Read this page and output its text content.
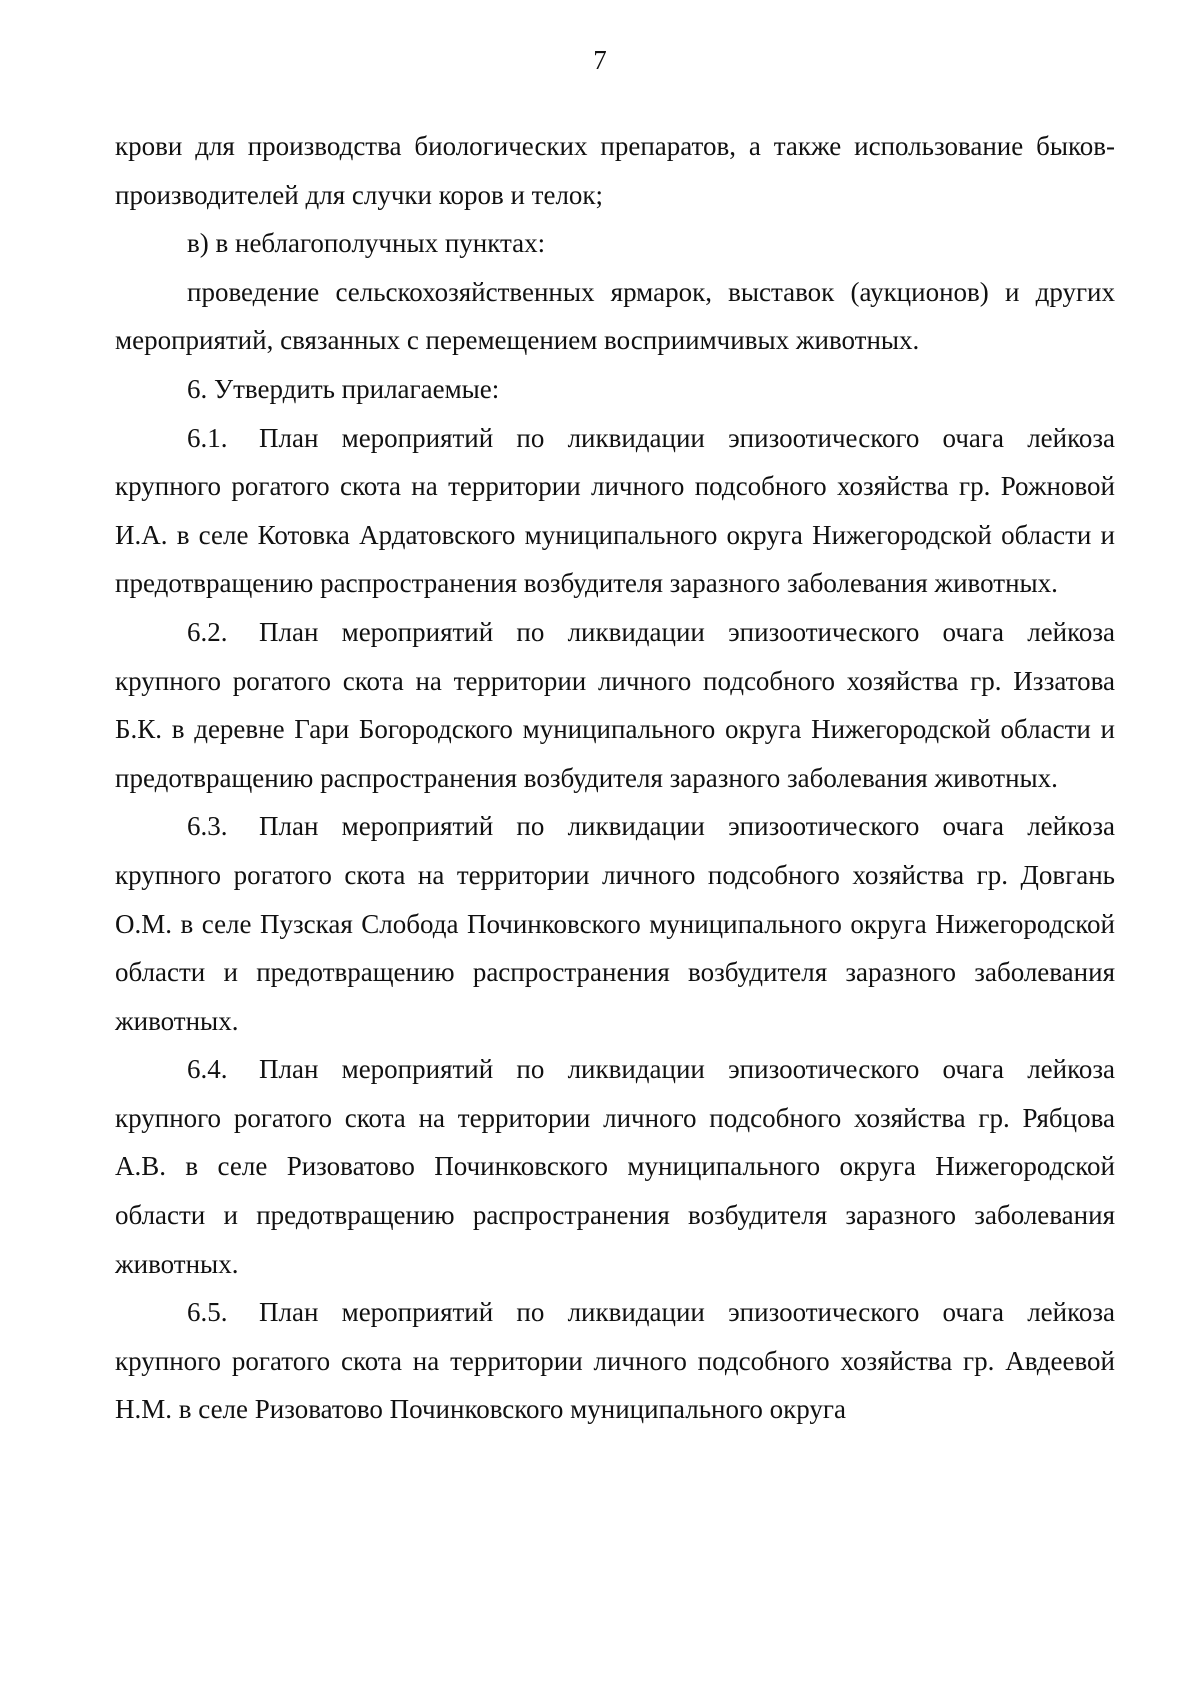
7

крови для производства биологических препаратов, а также использование быков-производителей для случки коров и телок;

в) в неблагополучных пунктах:

проведение сельскохозяйственных ярмарок, выставок (аукционов) и других мероприятий, связанных с перемещением восприимчивых животных.

6. Утвердить прилагаемые:

6.1. План мероприятий по ликвидации эпизоотического очага лейкоза крупного рогатого скота на территории личного подсобного хозяйства гр. Рожновой И.А. в селе Котовка Ардатовского муниципального округа Нижегородской области и предотвращению распространения возбудителя заразного заболевания животных.

6.2. План мероприятий по ликвидации эпизоотического очага лейкоза крупного рогатого скота на территории личного подсобного хозяйства гр. Иззатова Б.К. в деревне Гари Богородского муниципального округа Нижегородской области и предотвращению распространения возбудителя заразного заболевания животных.

6.3. План мероприятий по ликвидации эпизоотического очага лейкоза крупного рогатого скота на территории личного подсобного хозяйства гр. Довгань О.М. в селе Пузская Слобода Починковского муниципального округа Нижегородской области и предотвращению распространения возбудителя заразного заболевания животных.

6.4. План мероприятий по ликвидации эпизоотического очага лейкоза крупного рогатого скота на территории личного подсобного хозяйства гр. Рябцова А.В. в селе Ризоватово Починковского муниципального округа Нижегородской области и предотвращению распространения возбудителя заразного заболевания животных.

6.5. План мероприятий по ликвидации эпизоотического очага лейкоза крупного рогатого скота на территории личного подсобного хозяйства гр. Авдеевой Н.М. в селе Ризоватово Починковского муниципального округа
